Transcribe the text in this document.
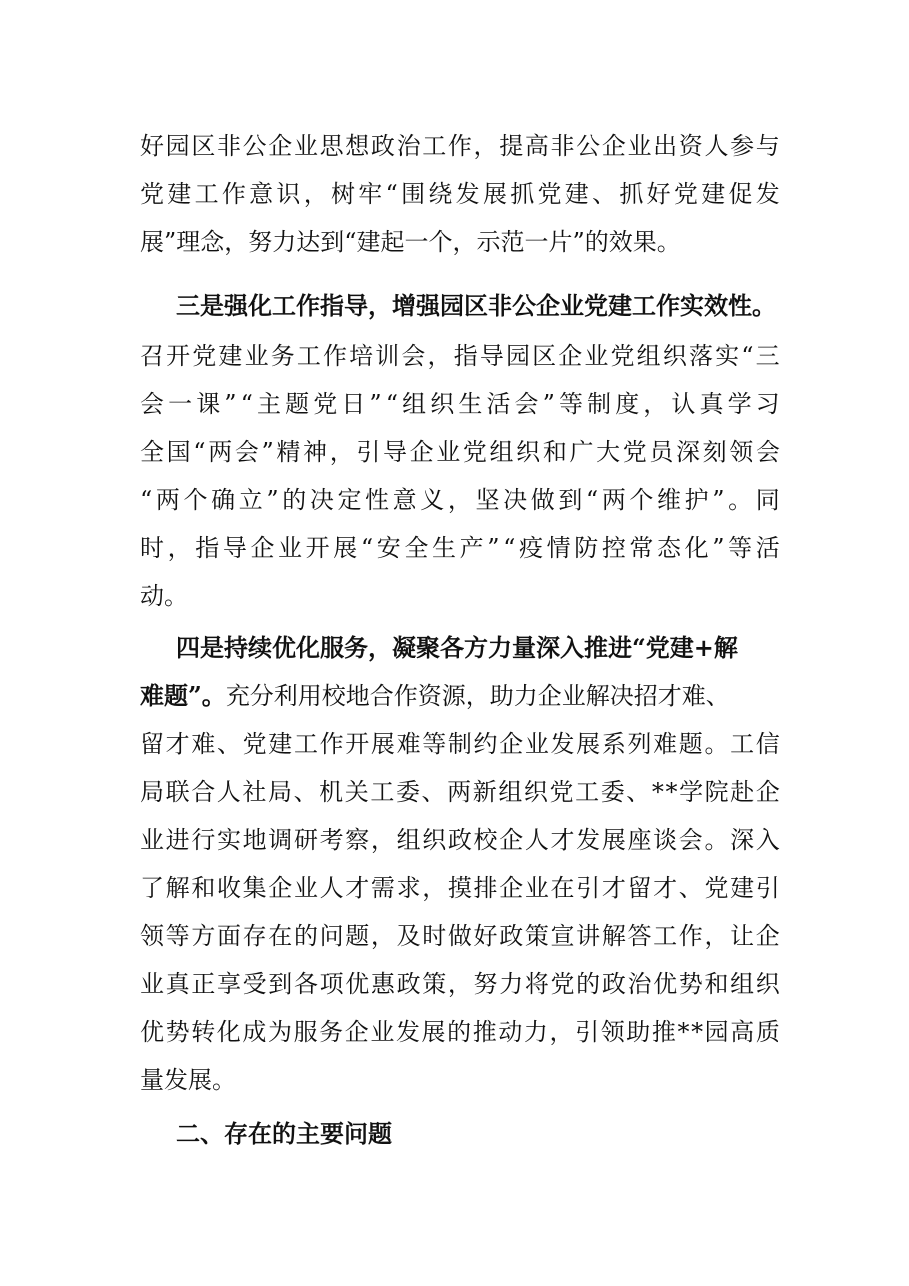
好 园 区 非 公 企 业 思 想 政 治 工 作 ， 提 高 非 公 企 业 出 资 人 参 与
党 建 工 作 意 识 ， 树 牢 “ 围 绕 发 展 抓 党 建 、 抓 好 党 建 促 发
展”理念，努力达到“建起一个，示范一片”的效果。
三是强化工作指导，增强园区非公企业党建工作实效性。
召 开 党 建 业 务 工 作 培 训 会 ， 指 导 园 区 企 业 党 组 织 落 实 “ 三
会 一 课 ” “ 主 题 党 日 ” “ 组 织 生 活 会 ” 等 制 度 ， 认 真 学 习
全 国 “ 两 会 ” 精 神 ， 引 导 企 业 党 组 织 和 广 大 党 员 深 刻 领 会
“ 两 个 确 立 ” 的 决 定 性 意 义 ， 坚 决 做 到 “ 两 个 维 护 ” 。 同
时 ， 指 导 企 业 开 展 “ 安 全 生 产 ” “ 疫 情 防 控 常 态 化 ” 等 活
动。
四是持续优化服务，凝聚各方力量深入推进“党建+解
难题”。充分利用校地合作资源，助力企业解决招才难、
留 才 难 、 党 建 工 作 开 展 难 等 制 约 企 业 发 展 系 列 难 题 。 工 信
局 联 合 人 社 局 、 机 关 工 委 、 两 新 组 织 党 工 委 、 * * 学 院 赴 企
业 进 行 实 地 调 研 考 察 ， 组 织 政 校 企 人 才 发 展 座 谈 会 。 深 入
了 解 和 收 集 企 业 人 才 需 求 ， 摸 排 企 业 在 引 才 留 才 、 党 建 引
领 等 方 面 存 在 的 问 题 ， 及 时 做 好 政 策 宣 讲 解 答 工 作 ， 让 企
业 真 正 享 受 到 各 项 优 惠 政 策 ， 努 力 将 党 的 政 治 优 势 和 组 织
优 势 转 化 成 为 服 务 企 业 发 展 的 推 动 力 ， 引 领 助 推 * * 园 高 质
量发展。
二、存在的主要问题
